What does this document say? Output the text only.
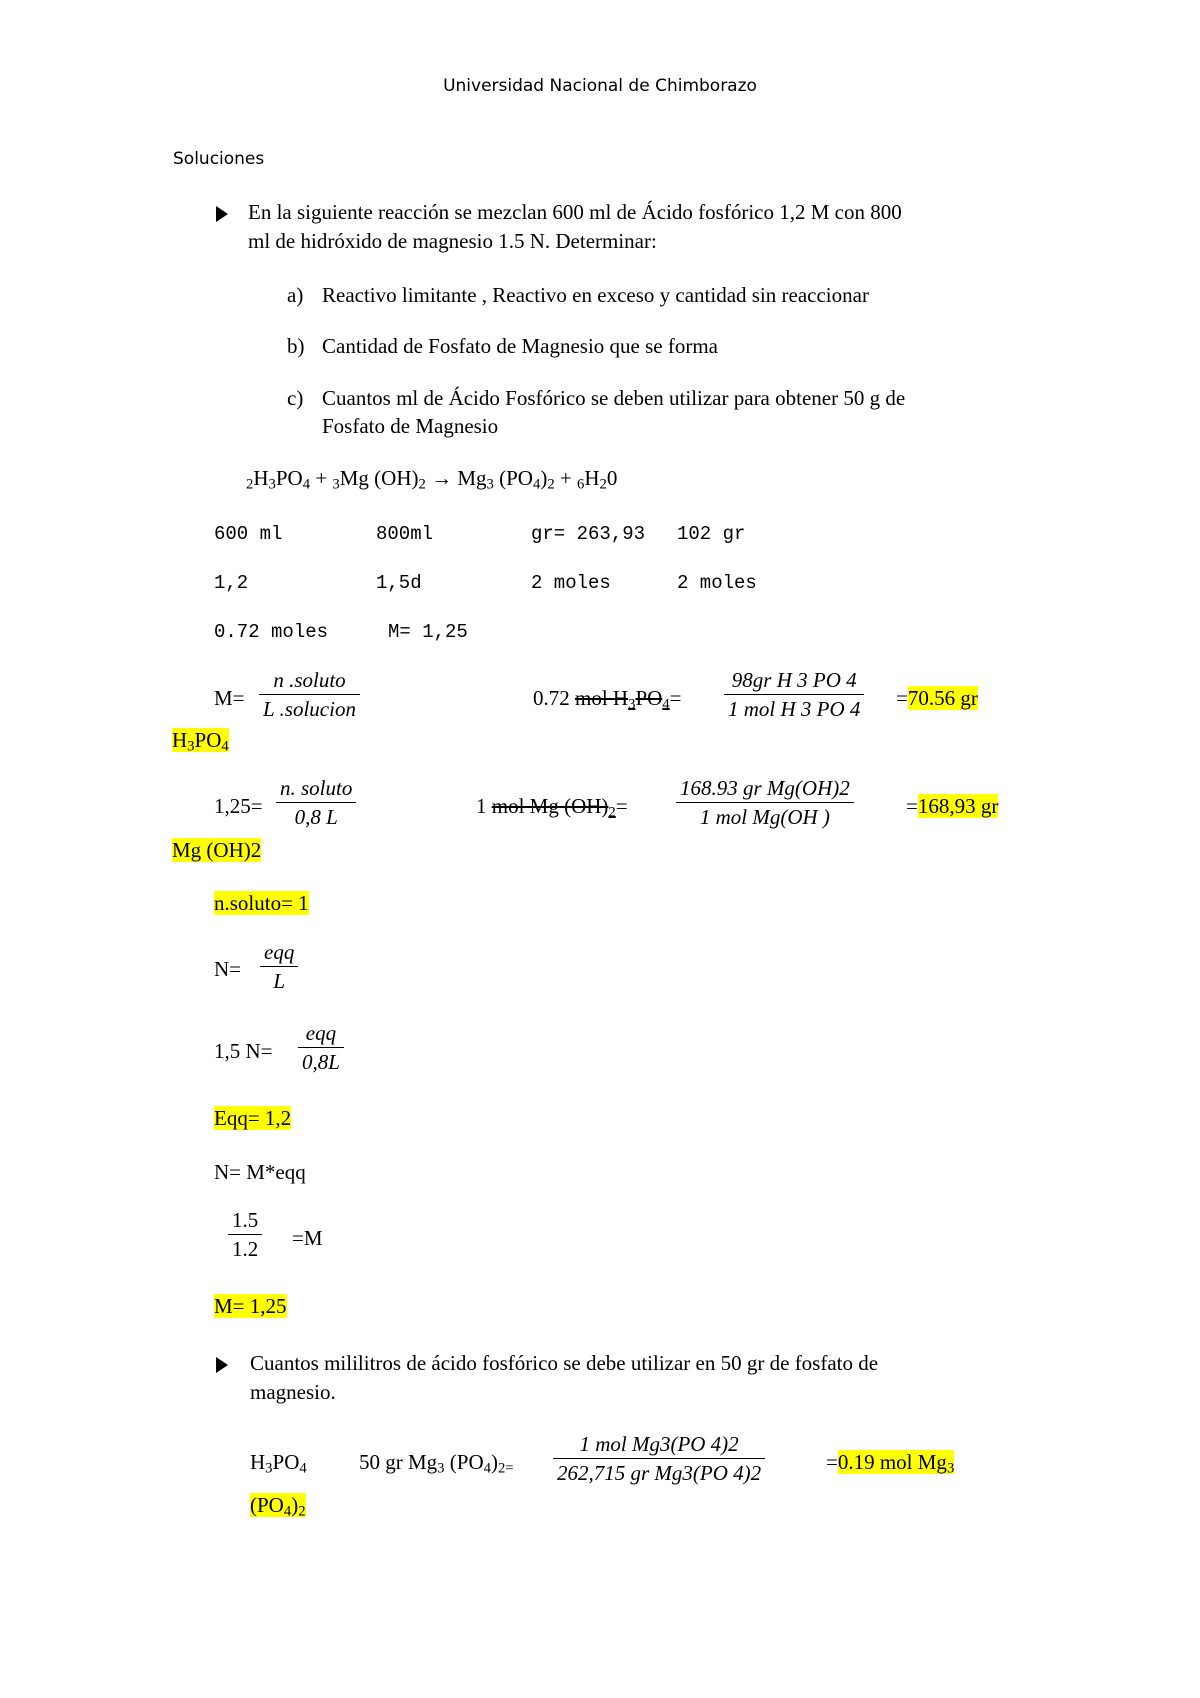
Universidad Nacional de Chimborazo
Soluciones
En la siguiente reacción se mezclan 600 ml de Ácido fosfórico 1,2 M con 800
ml de hidróxido de magnesio 1.5 N. Determinar:
a) Reactivo limitante , Reactivo en exceso y cantidad sin reaccionar
b) Cantidad de Fosfato de Magnesio que se forma
c) Cuantos ml de Ácido Fosfórico se deben utilizar para obtener 50 g de
Fosfato de Magnesio
$_2H_3PO_4 + _3Mg$ $(OH)_2 \to Mg_3$ $(PO_4)_2 + _6H_20$
600 ml	800ml	gr= 263,93 102 gr
1,2	1,5d	2 moles	2 moles
0.72 moles	M= 1,25
M=
n .soluto
L .solucion	0.72 mol $H_3PO_4=$
98gr H 3 PO 4
1 mol H 3 PO 4 =70.56 gr
$H_3PO_4$
1,25=
n. soluto
0,8 L	1 mol Mg $(OH)_2=$
168.93 gr Mg(OH)2
1 mol Mg(OH )	=168,93 gr
Mg (OH)2
n.soluto= 1
N=
eqq
L
1,5 N=
eqq
0,8L
Eqq= 1,2
N= M*eqq
$\frac{1.5}{1.2} =M$
M= 1,25
Cuantos mililitros de ácido fosfórico se debe utilizar en 50 gr de fosfato de
magnesio.
$H_3PO_4$ 50 gr $Mg_3$ $(PO_4)_{2=}$
1 mol Mg3(PO 4)2
262,715 gr Mg3(PO 4)2	=0.19 mol $Mg_3$
$(PO_4)_2$
